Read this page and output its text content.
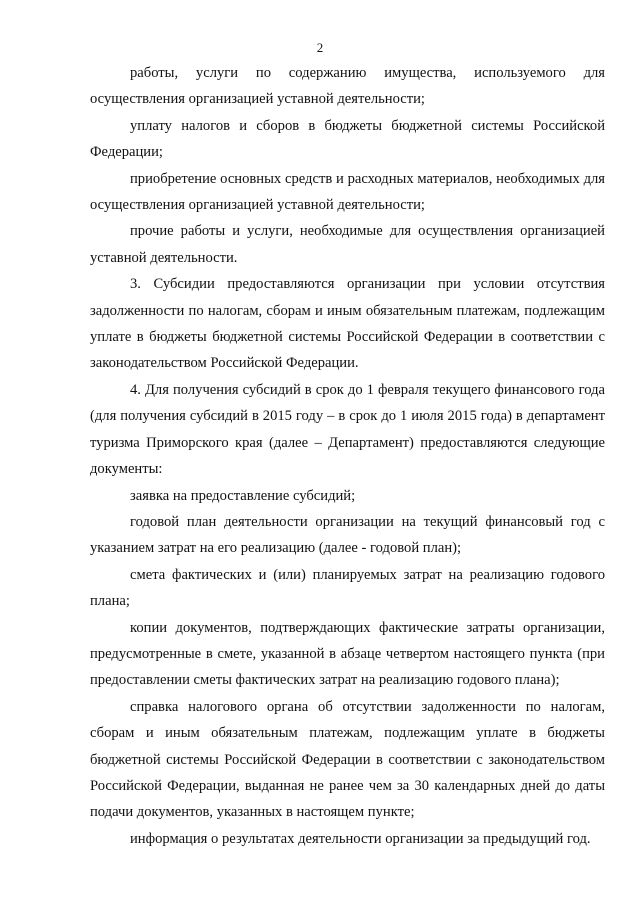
2

работы, услуги по содержанию имущества, используемого для осуществления организацией уставной деятельности;

уплату налогов и сборов в бюджеты бюджетной системы Российской Федерации;

приобретение основных средств и расходных материалов, необходимых для осуществления организацией уставной деятельности;

прочие работы и услуги, необходимые для осуществления организацией уставной деятельности.

3. Субсидии предоставляются организации при условии отсутствия задолженности по налогам, сборам и иным обязательным платежам, подлежащим уплате в бюджеты бюджетной системы Российской Федерации в соответствии с законодательством Российской Федерации.

4. Для получения субсидий в срок до 1 февраля текущего финансового года (для получения субсидий в 2015 году – в срок до 1 июля 2015 года) в департамент туризма Приморского края (далее – Департамент) предоставляются следующие документы:

заявка на предоставление субсидий;

годовой план деятельности организации на текущий финансовый год с указанием затрат на его реализацию (далее - годовой план);

смета фактических и (или) планируемых затрат на реализацию годового плана;

копии документов, подтверждающих фактические затраты организации, предусмотренные в смете, указанной в абзаце четвертом настоящего пункта (при предоставлении сметы фактических затрат на реализацию годового плана);

справка налогового органа об отсутствии задолженности по налогам, сборам и иным обязательным платежам, подлежащим уплате в бюджеты бюджетной системы Российской Федерации в соответствии с законодательством Российской Федерации, выданная не ранее чем за 30 календарных дней до даты подачи документов, указанных в настоящем пункте;

информация о результатах деятельности организации за предыдущий год.
